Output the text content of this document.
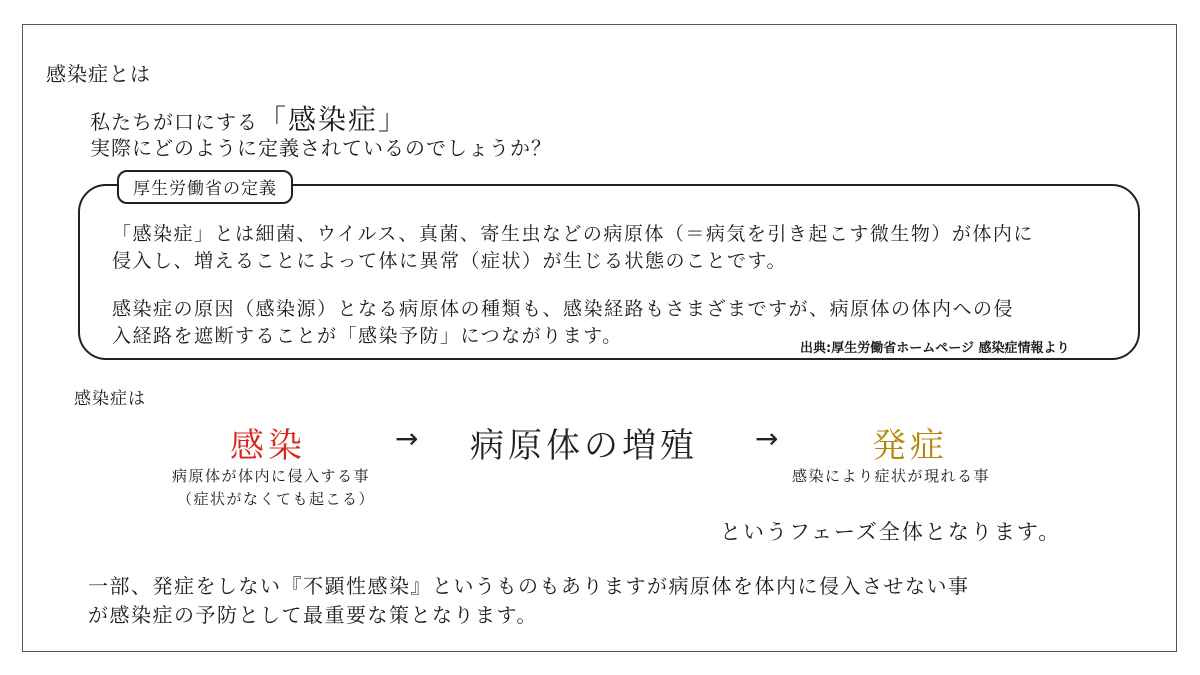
感染症とは
私たちが口にする「感染症」
実際にどのように定義されているのでしょうか？
厚生労働省の定義
「感染症」とは細菌、ウイルス、真菌、寄生虫などの病原体（＝病気を引き起こす微生物）が体内に
侵入し、増えることによって体に異常（症状）が生じる状態のことです。
感染症の原因（感染源）となる病原体の種類も、感染経路もさまざまですが、病原体の体内への侵
入経路を遮断することが「感染予防」につながります。
出典:厚生労働省ホームページ 感染症情報より
感染症は
感染	→ 病原体の増殖 →	発症
病原体が体内に侵入する事
（症状がなくても起こる）
感染により症状が現れる事
というフェーズ全体となります。
一部、発症をしない『不顕性感染』というものもありますが病原体を体内に侵入させない事
が感染症の予防として最重要な策となります。
